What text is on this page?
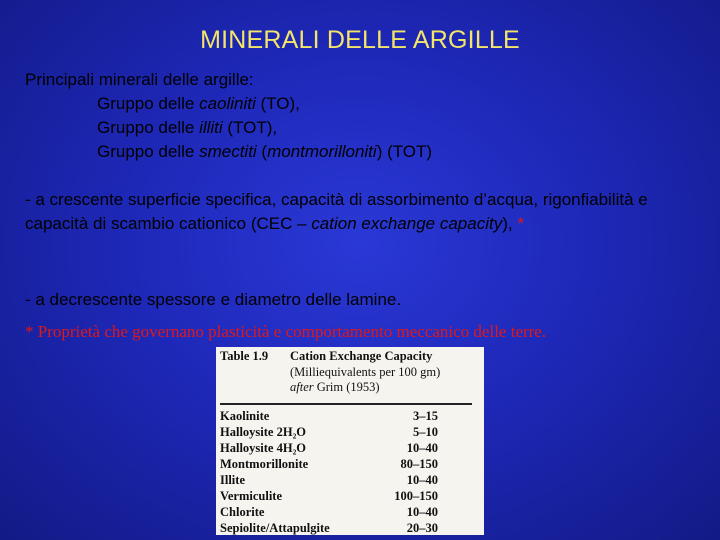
MINERALI DELLE ARGILLE
Principali minerali delle argille:
Gruppo delle caoliniti (TO),
Gruppo delle illiti (TOT),
Gruppo delle smectiti (montmorilloniti) (TOT)
- a crescente superficie specifica, capacità di assorbimento d’acqua, rigonfiabilità e capacità di scambio cationico (CEC – cation exchange capacity), *
- a decrescente spessore e diametro delle lamine.
* Proprietà che governano plasticità e comportamento meccanico delle terre.
Table 1.9 Cation Exchange Capacity
(Milliequivalents per 100 gm)
after Grim (1953)
Kaolinite	3–15
Halloysite 2H₂O	5–10
Halloysite 4H₂O	10–40
Montmorillonite	80–150
Illite	10–40
Vermiculite	100–150
Chlorite	10–40
Sepiolite/Attapulgite	20–30
